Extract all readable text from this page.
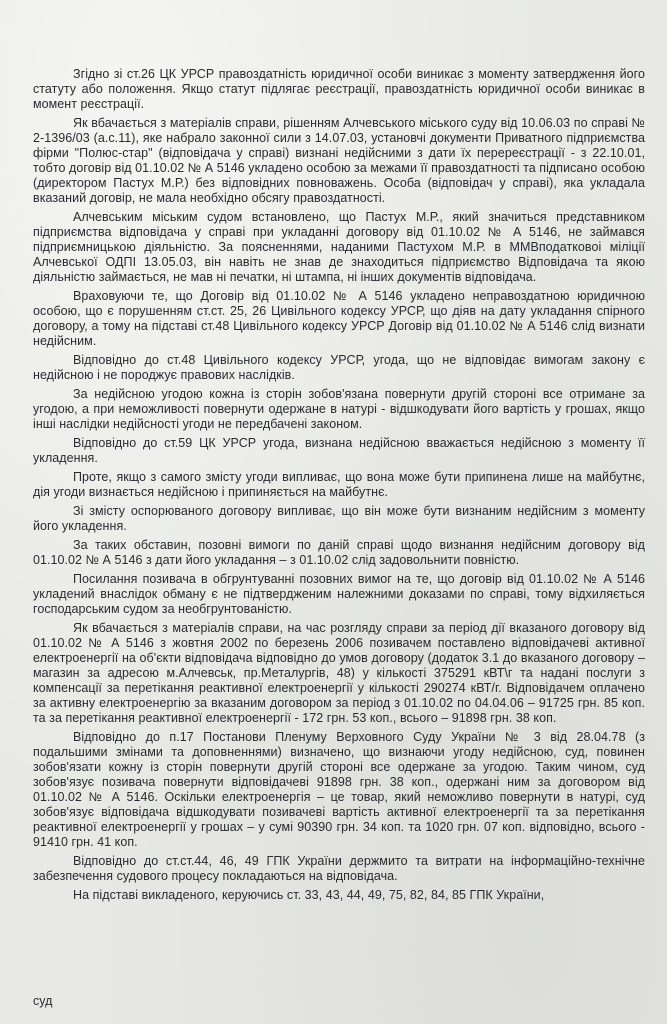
Згідно зі ст.26 ЦК УРСР правоздатність юридичної особи виникає з моменту затвердження його статуту або положення. Якщо статут підлягає реєстрації, правоздатність юридичної особи виникає в момент реєстрації.

Як вбачається з матеріалів справи, рішенням Алчевського міського суду від 10.06.03 по справі № 2-1396/03 (а.с.11), яке набрало законної сили з 14.07.03, установчі документи Приватного підприємства фірми "Полюс-стар" (відповідача у справі) визнані недійсними з дати їх перереєстрації - з 22.10.01, тобто договір від 01.10.02 № А 5146 укладено особою за межами її правоздатності та підписано особою (директором Пастух М.Р.) без відповідних повноважень. Особа (відповідач у справі), яка укладала вказаний договір, не мала необхідно обсягу правоздатності.

Алчевським міським судом встановлено, що Пастух М.Р., який значиться представником підприємства відповідача у справі при укладанні договору від 01.10.02 № А 5146, не займався підприємницькою діяльністю. За поясненнями, наданими Пастухом М.Р. в ММВподатковоі міліції Алчевської ОДПІ 13.05.03, він навіть не знав де знаходиться підприємство Відповідача та якою діяльністю займається, не мав ні печатки, ні штампа, ні інших документів відповідача.

Враховуючи те, що Договір від 01.10.02 № А 5146 укладено неправоздатною юридичною особою, що є порушенням ст.ст. 25, 26 Цивільного кодексу УРСР, що діяв на дату укладання спірного договору, а тому на підставі ст.48 Цивільного кодексу УРСР Договір від 01.10.02 № А 5146 слід визнати недійсним.

Відповідно до ст.48 Цивільного кодексу УРСР, угода, що не відповідає вимогам закону є недійсною і не породжує правових наслідків.

За недійсною угодою кожна із сторін зобов'язана повернути другій стороні все отримане за угодою, а при неможливості повернути одержане в натурі - відшкодувати його вартість у грошах, якщо інші наслідки недійсності угоди не передбачені законом.

Відповідно до ст.59 ЦК УРСР угода, визнана недійсною вважається недійсною з моменту її укладення.

Проте, якщо з самого змісту угоди випливає, що вона може бути припинена лише на майбутнє, дія угоди визнається недійсною і припиняється на майбутнє.

Зі змісту оспорюваного договору випливає, що він може бути визнаним недійсним з моменту його укладення.

За таких обставин, позовні вимоги по даній справі щодо визнання недійсним договору від 01.10.02 № А 5146 з дати його укладання – з 01.10.02 слід задовольнити повністю.

Посилання позивача в обгрунтуванні позовних вимог на те, що договір від 01.10.02 № А 5146 укладений внаслідок обману є не підтвердженим належними доказами по справі, тому відхиляється господарським судом за необгрунтованістю.

Як вбачається з матеріалів справи, на час розгляду справи за період дії вказаного договору від 01.10.02 № А 5146 з жовтня 2002 по березень 2006 позивачем поставлено відповідачеві активної електроенергії на об'єкти відповідача відповідно до умов договору (додаток 3.1 до вказаного договору – магазин за адресою м.Алчевськ, пр.Металургів, 48) у кількості 375291 кВТ\г та надані послуги з компенсації за перетікання реактивної електроенергії у кількості 290274 кВТ/г. Відповідачем оплачено за активну електроенергію за вказаним договором за період з 01.10.02 по 04.04.06 – 91725 грн. 85 коп. та за перетікання реактивної електроенергії - 172 грн. 53 коп., всього – 91898 грн. 38 коп.

Відповідно до п.17 Постанови Пленуму Верховного Суду України № 3 від 28.04.78 (з подальшими змінами та доповненнями) визначено, що визнаючи угоду недійсною, суд, повинен зобов'язати кожну із сторін повернути другій стороні все одержане за угодою. Таким чином, суд зобов'язує позивача повернути відповідачеві 91898 грн. 38 коп., одержані ним за договором від 01.10.02 № А 5146. Оскільки електроенергія – це товар, який неможливо повернути в натурі, суд зобов'язує відповідача відшкодувати позивачеві вартість активної електроенергії та за перетікання реактивної електроенергії у грошах – у сумі 90390 грн. 34 коп. та 1020 грн. 07 коп. відповідно, всього - 91410 грн. 41 коп.

Відповідно до ст.ст.44, 46, 49 ГПК України держмито та витрати на інформаційно-технічне забезпечення судового процесу покладаються на відповідача.

На підставі викладеного, керуючись ст. 33, 43, 44, 49, 75, 82, 84, 85 ГПК України,

суд
